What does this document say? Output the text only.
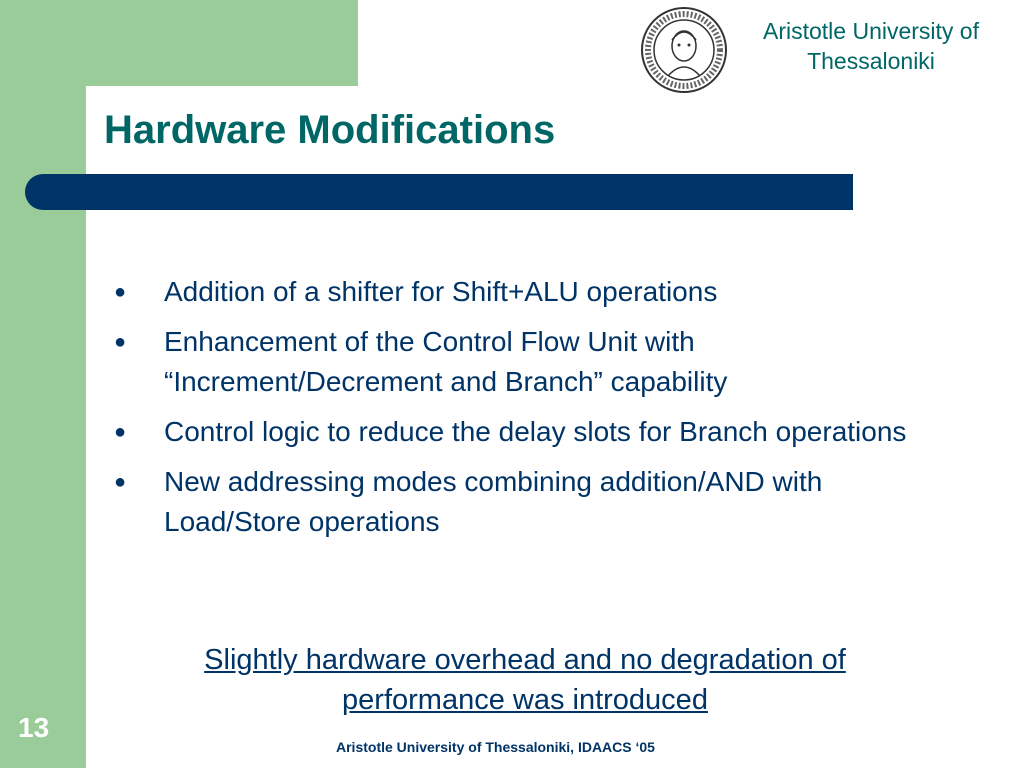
Aristotle University of
Thessaloniki
Hardware Modifications
● Addition of a shifter for Shift+ALU operations
● Enhancement of the Control Flow Unit with “Increment/Decrement and Branch” capability
● Control logic to reduce the delay slots for Branch operations
● New addressing modes combining addition/AND with Load/Store operations

Slightly hardware overhead and no degradation of performance was introduced

13
Aristotle University of Thessaloniki, IDAACS ‘05
